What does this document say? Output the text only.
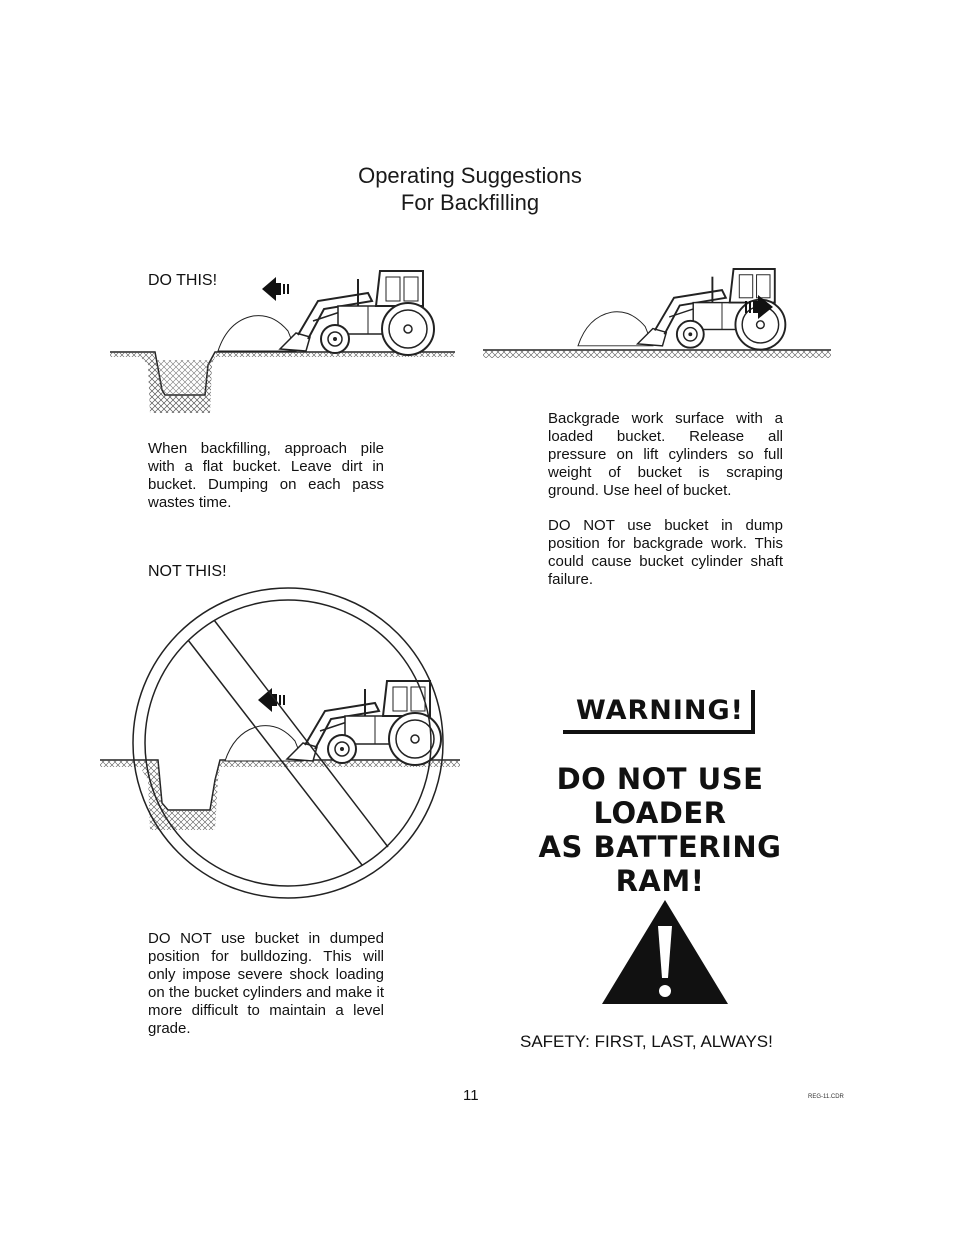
Operating Suggestions
For Backfilling
DO THIS!
When backfilling, approach pile with a flat bucket. Leave dirt in bucket. Dumping on each pass wastes time.
Backgrade work surface with a loaded bucket. Release all pressure on lift cylinders so full weight of bucket is scraping ground. Use heel of bucket.
DO NOT use bucket in dump position for backgrade work. This could cause bucket cylinder shaft failure.
NOT THIS!
DO NOT use bucket in dumped position for bulldozing. This will only impose severe shock loading on the bucket cylinders and make it more difficult to maintain a level grade.
WARNING!
DO NOT USE LOADER
AS BATTERING RAM!
SAFETY: FIRST, LAST, ALWAYS!
11	REG-11.CDR
